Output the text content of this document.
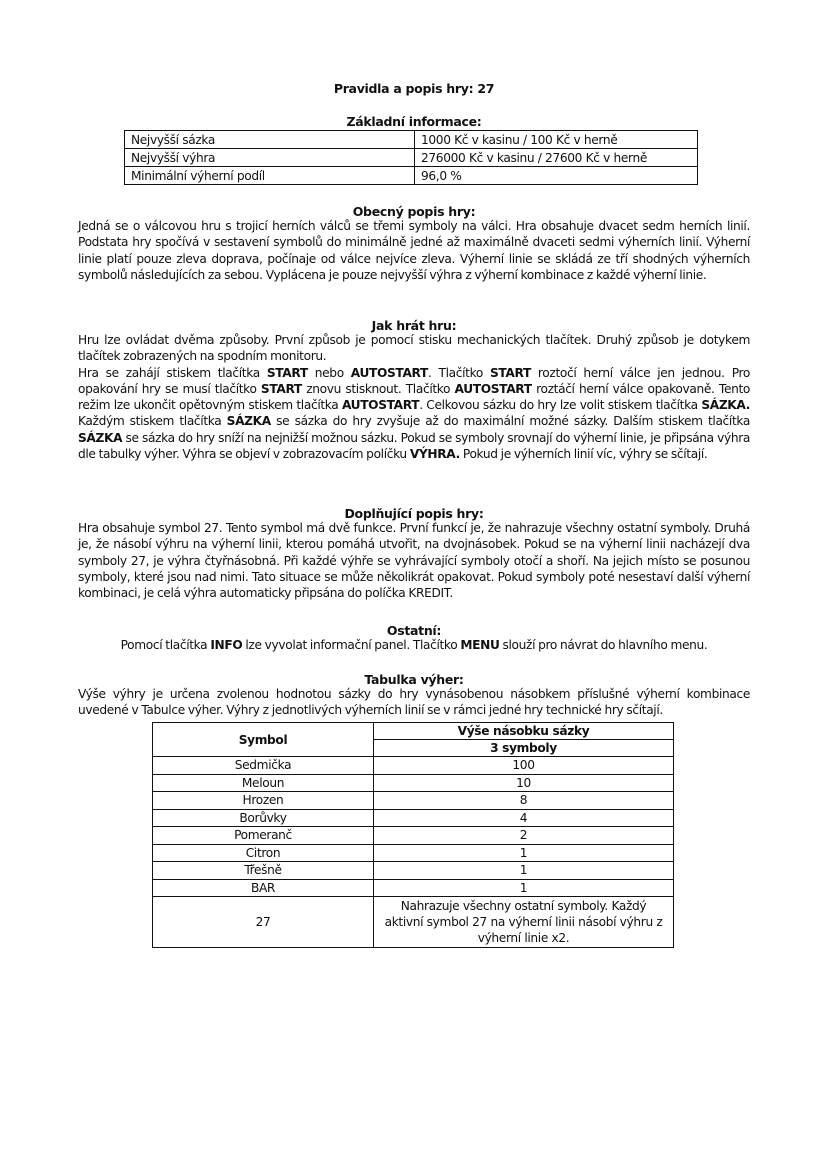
Pravidla a popis hry: 27
Základní informace:
Nejvyšší sázka	1000 Kč v kasinu / 100 Kč v herně
Nejvyšší výhra	276000 Kč v kasinu / 27600 Kč v herně
Minimální výherní podíl	96,0 %
Obecný popis hry:
Jedná se o válcovou hru s trojicí herních válců se třemi symboly na válci. Hra obsahuje dvacet sedm herních linií. Podstata hry spočívá v sestavení symbolů do minimálně jedné až maximálně dvaceti sedmi výherních linií. Výherní linie platí pouze zleva doprava, počínaje od válce nejvíce zleva. Výherní linie se skládá ze tří shodných výherních symbolů následujících za sebou. Vyplácena je pouze nejvyšší výhra z výherní kombinace z každé výherní linie.
Jak hrát hru:
Hru lze ovládat dvěma způsoby. První způsob je pomocí stisku mechanických tlačítek. Druhý způsob je dotykem tlačítek zobrazených na spodním monitoru.
Hra se zahájí stiskem tlačítka START nebo AUTOSTART. Tlačítko START roztočí herní válce jen jednou. Pro opakování hry se musí tlačítko START znovu stisknout. Tlačítko AUTOSTART roztáčí herní válce opakovaně. Tento režim lze ukončit opětovným stiskem tlačítka AUTOSTART. Celkovou sázku do hry lze volit stiskem tlačítka SÁZKA. Každým stiskem tlačítka SÁZKA se sázka do hry zvyšuje až do maximální možné sázky. Dalším stiskem tlačítka SÁZKA se sázka do hry sníží na nejnižší možnou sázku. Pokud se symboly srovnají do výherní linie, je připsána výhra dle tabulky výher. Výhra se objeví v zobrazovacím políčku VÝHRA. Pokud je výherních linií víc, výhry se sčítají.
Doplňující popis hry:
Hra obsahuje symbol 27. Tento symbol má dvě funkce. První funkcí je, že nahrazuje všechny ostatní symboly. Druhá je, že násobí výhru na výherní linii, kterou pomáhá utvořit, na dvojnásobek. Pokud se na výherní linii nacházejí dva symboly 27, je výhra čtyřnásobná. Při každé výhře se vyhrávající symboly otočí a shoří. Na jejich místo se posunou symboly, které jsou nad nimi. Tato situace se může několikrát opakovat. Pokud symboly poté nesestaví další výherní kombinaci, je celá výhra automaticky připsána do políčka KREDIT.
Ostatní:
Pomocí tlačítka INFO lze vyvolat informační panel. Tlačítko MENU slouží pro návrat do hlavního menu.
Tabulka výher:
Výše výhry je určena zvolenou hodnotou sázky do hry vynásobenou násobkem příslušné výherní kombinace uvedené v Tabulce výher. Výhry z jednotlivých výherních linií se v rámci jedné hry technické hry sčítají.
Symbol	Výše násobku sázky
	3 symboly
Sedmička	100
Meloun	10
Hrozen	8
Borůvky	4
Pomeranč	2
Citron	1
Třešně	1
BAR	1
27	Nahrazuje všechny ostatní symboly. Každý aktivní symbol 27 na výherní linii násobí výhru z výherní linie x2.
